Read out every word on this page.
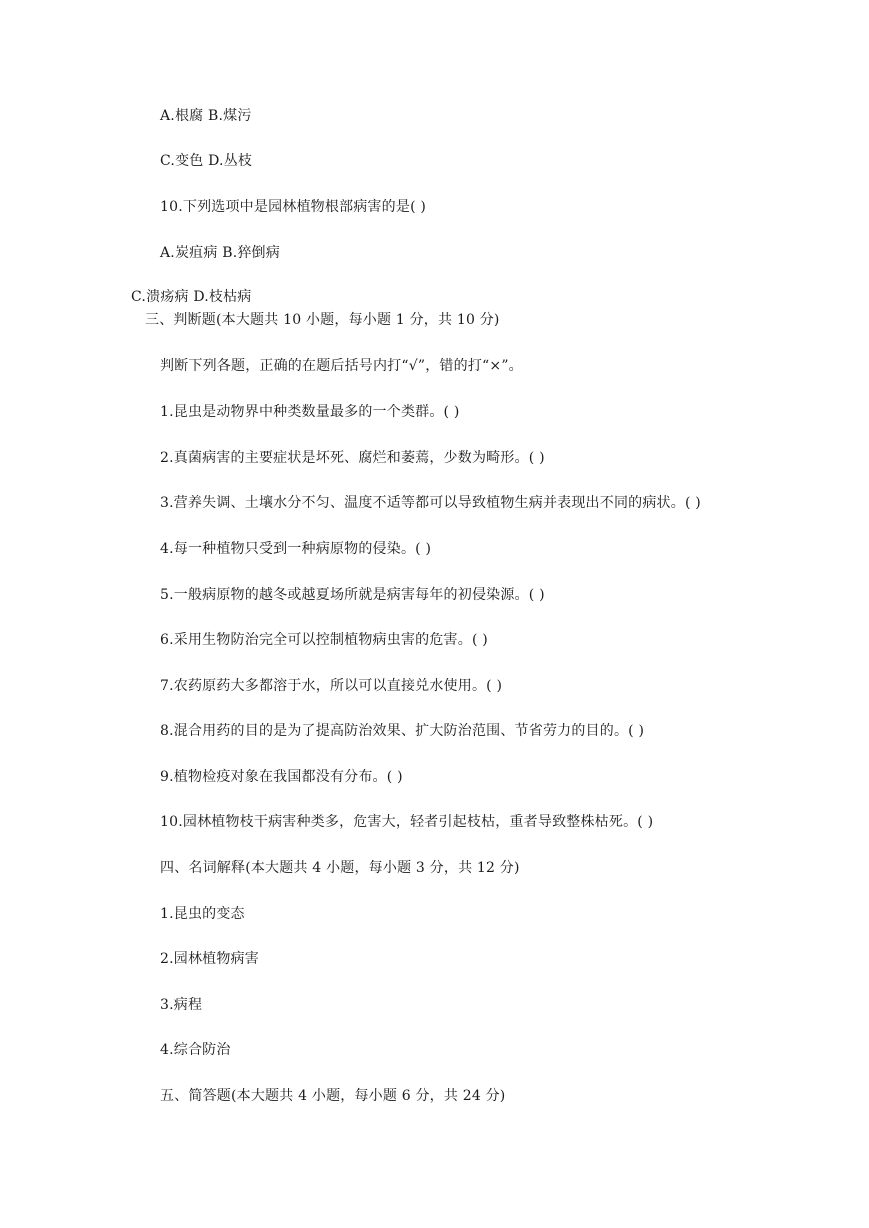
A.根腐 B.煤污
C.变色 D.丛枝
10.下列选项中是园林植物根部病害的是( )
A.炭疽病 B.猝倒病
C.溃疡病 D.枝枯病
三、判断题(本大题共 10 小题，每小题 1 分，共 10 分)
判断下列各题，正确的在题后括号内打“√”，错的打“×”。
1.昆虫是动物界中种类数量最多的一个类群。( )
2.真菌病害的主要症状是坏死、腐烂和萎蔫，少数为畸形。( )
3.营养失调、土壤水分不匀、温度不适等都可以导致植物生病并表现出不同的病状。( )
4.每一种植物只受到一种病原物的侵染。( )
5.一般病原物的越冬或越夏场所就是病害每年的初侵染源。( )
6.采用生物防治完全可以控制植物病虫害的危害。( )
7.农药原药大多都溶于水，所以可以直接兑水使用。( )
8.混合用药的目的是为了提高防治效果、扩大防治范围、节省劳力的目的。( )
9.植物检疫对象在我国都没有分布。( )
10.园林植物枝干病害种类多，危害大，轻者引起枝枯，重者导致整株枯死。( )
四、名词解释(本大题共 4 小题，每小题 3 分，共 12 分)
1.昆虫的变态
2.园林植物病害
3.病程
4.综合防治
五、简答题(本大题共 4 小题，每小题 6 分，共 24 分)
